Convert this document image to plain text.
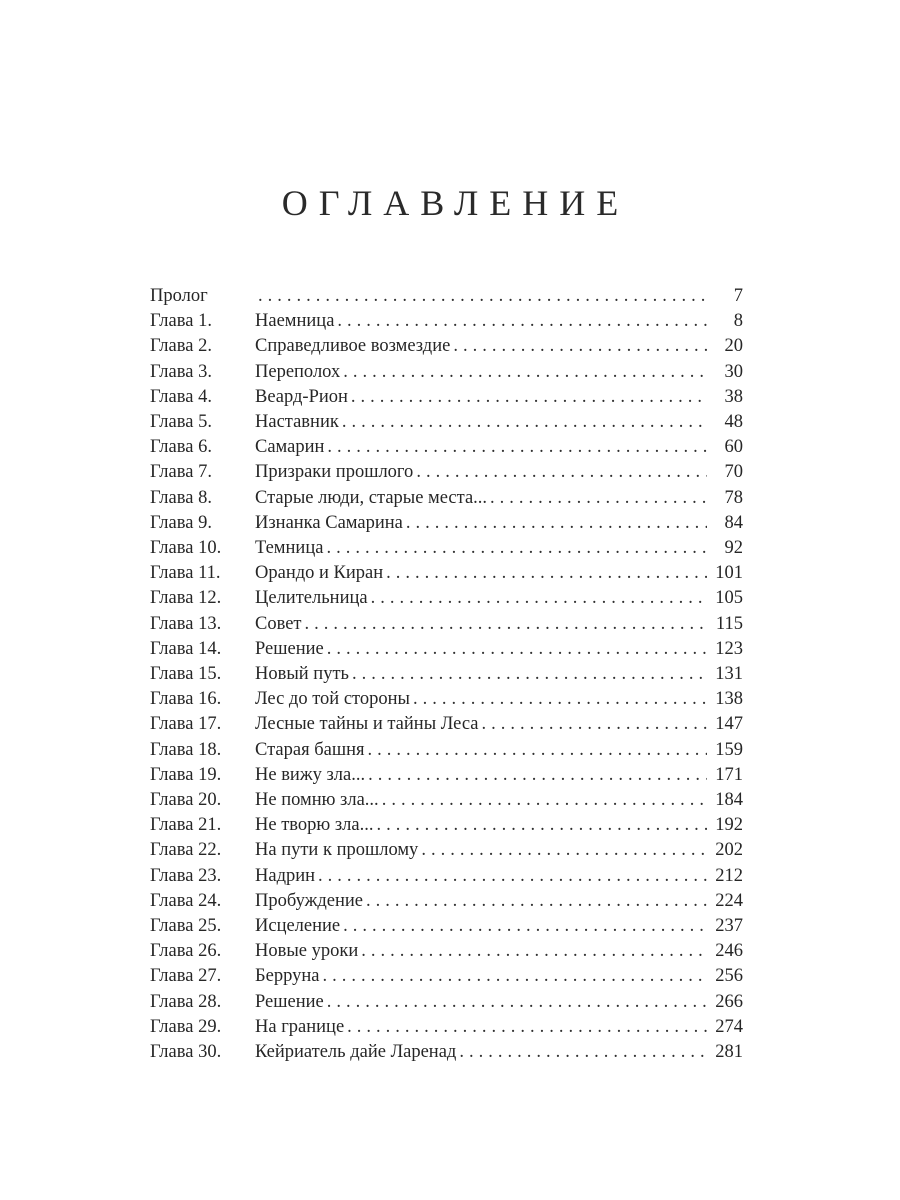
ОГЛАВЛЕНИЕ
Пролог .....	7
Глава 1.	Наемница .....	8
Глава 2.	Справедливое возмездие .....	20
Глава 3.	Переполох .....	30
Глава 4.	Веард-Рион .....	38
Глава 5.	Наставник .....	48
Глава 6.	Самарин .....	60
Глава 7.	Призраки прошлого .....	70
Глава 8.	Старые люди, старые места... .....	78
Глава 9.	Изнанка Самарина .....	84
Глава 10.	Темница .....	92
Глава 11.	Орандо и Киран .....	101
Глава 12.	Целительница .....	105
Глава 13.	Совет .....	115
Глава 14.	Решение .....	123
Глава 15.	Новый путь .....	131
Глава 16.	Лес до той стороны .....	138
Глава 17.	Лесные тайны и тайны Леса .....	147
Глава 18.	Старая башня .....	159
Глава 19.	Не вижу зла... .....	171
Глава 20.	Не помню зла... .....	184
Глава 21.	Не творю зла... .....	192
Глава 22.	На пути к прошлому .....	202
Глава 23.	Надрин .....	212
Глава 24.	Пробуждение .....	224
Глава 25.	Исцеление .....	237
Глава 26.	Новые уроки .....	246
Глава 27.	Берруна .....	256
Глава 28.	Решение .....	266
Глава 29.	На границе .....	274
Глава 30.	Кейриатель дайе Ларенад .....	281
